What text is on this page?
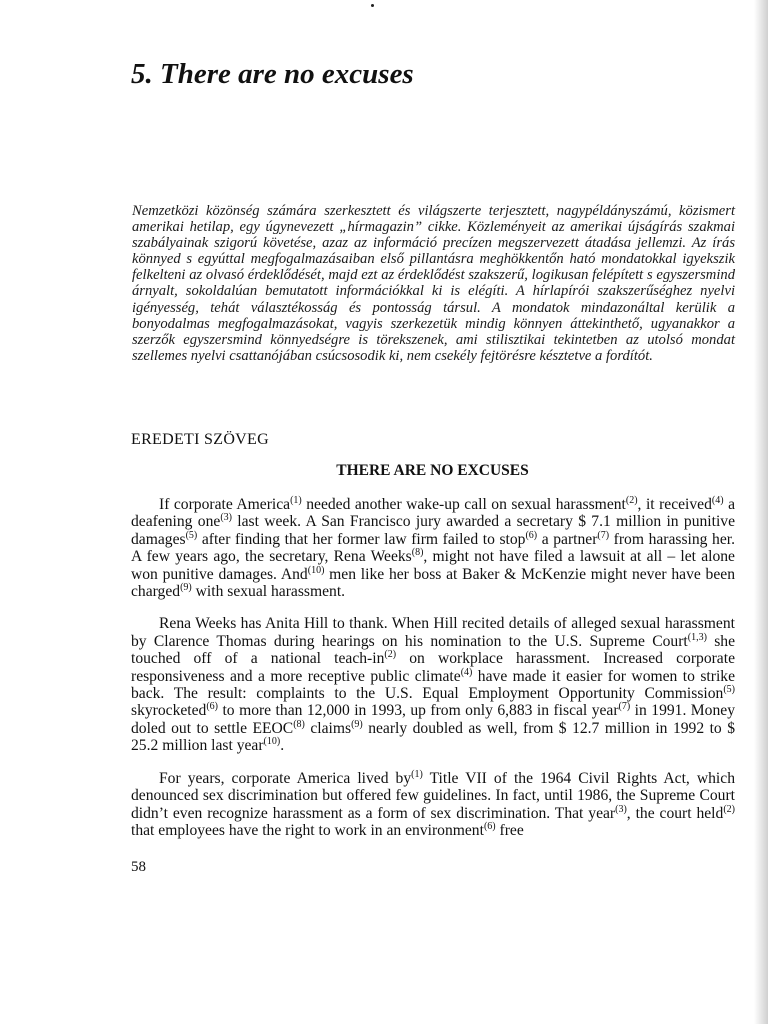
5. There are no excuses

Nemzetközi közönség számára szerkesztett és világszerte terjesztett, nagypéldányszámú, közismert amerikai hetilap, egy úgynevezett „hírmagazin” cikke. Közleményeit az amerikai újságírás szakmai szabályainak szigorú követése, azaz az információ precízen megszervezett átadása jellemzi. Az írás könnyed s egyúttal megfogalmazásaiban első pillantásra meghökkentőn ható mondatokkal igyekszik felkelteni az olvasó érdeklődését, majd ezt az érdeklődést szakszerű, logikusan felépített s egyszersmind árnyalt, sokoldalúan bemutatott információkkal ki is elégíti. A hírlapírói szakszerűséghez nyelvi igényesség, tehát választékosság és pontosság társul. A mondatok mindazonáltal kerülik a bonyodalmas megfogalmazásokat, vagyis szerkezetük mindig könnyen áttekinthető, ugyanakkor a szerzők egyszersmind könnyedségre is törekszenek, ami stilisztikai tekintetben az utolsó mondat szellemes nyelvi csattanójában csúcsosodik ki, nem csekély fejtörésre késztetve a fordítót.

EREDETI SZÖVEG

THERE ARE NO EXCUSES

If corporate America$^{(1)}$ needed another wake-up call on sexual harassment$^{(2)}$, it received$^{(4)}$ a deafening one$^{(3)}$ last week. A San Francisco jury awarded a secretary $ 7.1 million in punitive damages$^{(5)}$ after finding that her former law firm failed to stop$^{(6)}$ a partner$^{(7)}$ from harassing her. A few years ago, the secretary, Rena Weeks$^{(8)}$, might not have filed a lawsuit at all – let alone won punitive damages. And$^{(10)}$ men like her boss at Baker & McKenzie might never have been charged$^{(9)}$ with sexual harassment.

Rena Weeks has Anita Hill to thank. When Hill recited details of alleged sexual harassment by Clarence Thomas during hearings on his nomination to the U.S. Supreme Court$^{(1,3)}$ she touched off of a national teach-$in^{(2)}$ on workplace harassment. Increased corporate responsiveness and a more receptive public climate$^{(4)}$ have made it easier for women to strike back. The result: complaints to the U.S. Equal Employment Opportunity Commission$^{(5)}$ skyrocketed$^{(6)}$ to more than 12,000 in 1993, up from only 6,883 in fiscal year$^{(7)}$ in 1991. Money doled out to settle EEOC$^{(8)}$ claims$^{(9)}$ nearly doubled as well, from $ 12.7 million in 1992 to $ 25.2 million last year$^{(10)}$.

For years, corporate America lived $by^{(1)}$ Title VII of the 1964 Civil Rights Act, which denounced sex discrimination but offered few guidelines. In fact, until 1986, the Supreme Court didn’t even recognize harassment as a form of sex discrimination. That year$^{(3)}$, the court held$^{(2)}$ that employees have the right to work in an environment$^{(6)}$ free

58
